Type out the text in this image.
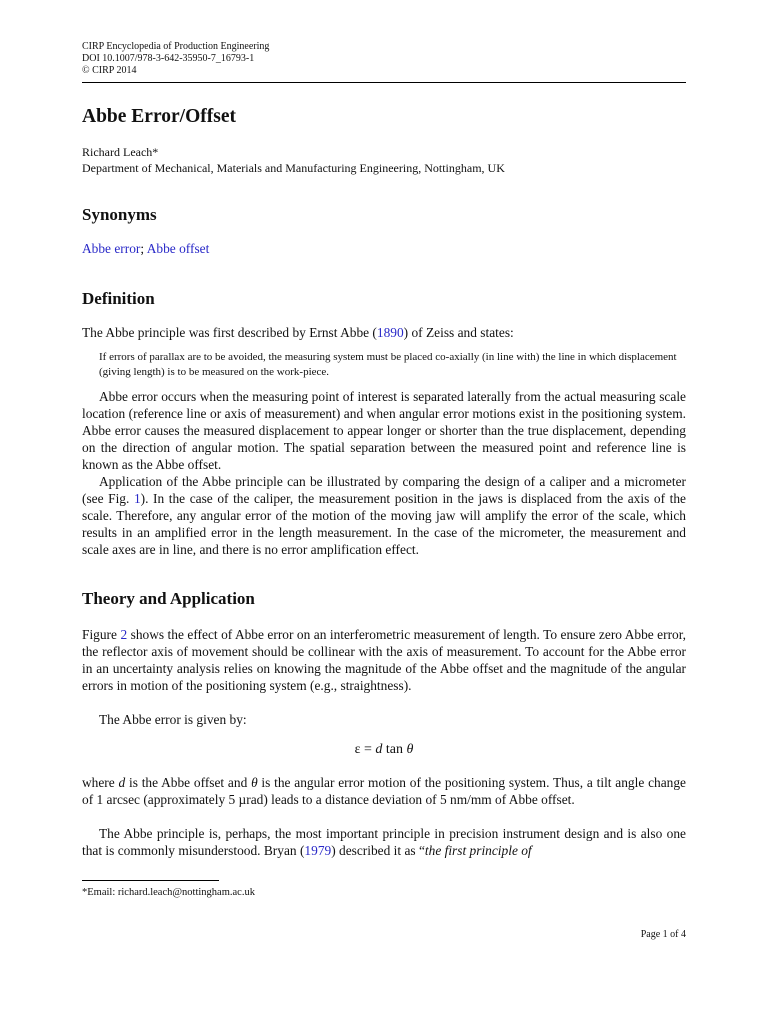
CIRP Encyclopedia of Production Engineering
DOI 10.1007/978-3-642-35950-7_16793-1
© CIRP 2014
Abbe Error/Offset
Richard Leach*
Department of Mechanical, Materials and Manufacturing Engineering, Nottingham, UK
Synonyms

Abbe error; Abbe offset

Definition

The Abbe principle was first described by Ernst Abbe (1890) of Zeiss and states:

If errors of parallax are to be avoided, the measuring system must be placed co-axially (in line with) the line in which displacement (giving length) is to be measured on the work-piece.

Abbe error occurs when the measuring point of interest is separated laterally from the actual measuring scale location (reference line or axis of measurement) and when angular error motions exist in the positioning system. Abbe error causes the measured displacement to appear longer or shorter than the true displacement, depending on the direction of angular motion. The spatial separation between the measured point and reference line is known as the Abbe offset.

Application of the Abbe principle can be illustrated by comparing the design of a caliper and a micrometer (see Fig. 1). In the case of the caliper, the measurement position in the jaws is displaced from the axis of the scale. Therefore, any angular error of the motion of the moving jaw will amplify the error of the scale, which results in an amplified error in the length measurement. In the case of the micrometer, the measurement and scale axes are in line, and there is no error amplification effect.

Theory and Application

Figure 2 shows the effect of Abbe error on an interferometric measurement of length. To ensure zero Abbe error, the reflector axis of movement should be collinear with the axis of measurement. To account for the Abbe error in an uncertainty analysis relies on knowing the magnitude of the Abbe offset and the magnitude of the angular errors in motion of the positioning system (e.g., straightness).

The Abbe error is given by:

ε = d tan θ

where d is the Abbe offset and θ is the angular error motion of the positioning system. Thus, a tilt angle change of 1 arcsec (approximately 5 µrad) leads to a distance deviation of 5 nm/mm of Abbe offset.

The Abbe principle is, perhaps, the most important principle in precision instrument design and is also one that is commonly misunderstood. Bryan (1979) described it as “the first principle of

*Email: richard.leach@nottingham.ac.uk
Page 1 of 4
